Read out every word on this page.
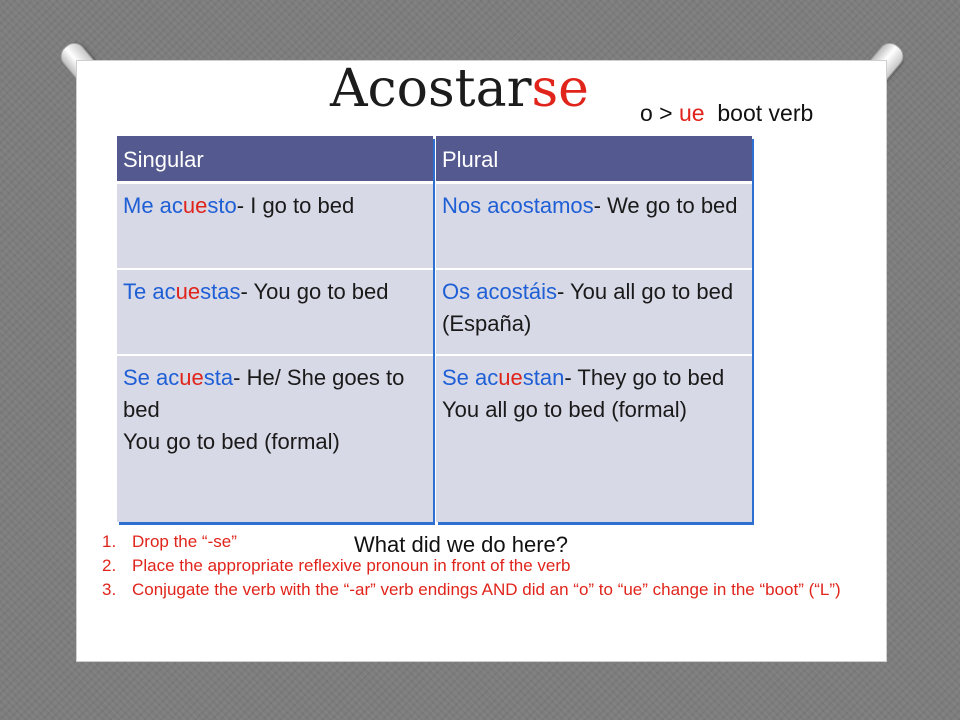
Acostarse o > ue  boot verb
Singular
Me acuesto- I go to bed
Te acuestas- You go to bed
Se acuesta- He/ She goes to bed
You go to bed (formal)
Plural
Nos acostamos- We go to bed
Os acostáis- You all go to bed (España)
Se acuestan- They go to bed
You all go to bed (formal)
What did we do here?
1. Drop the “-se”
2. Place the appropriate reflexive pronoun in front of the verb
3. Conjugate the verb with the “-ar” verb endings AND did an “o” to “ue” change in the “boot” (“L”)
